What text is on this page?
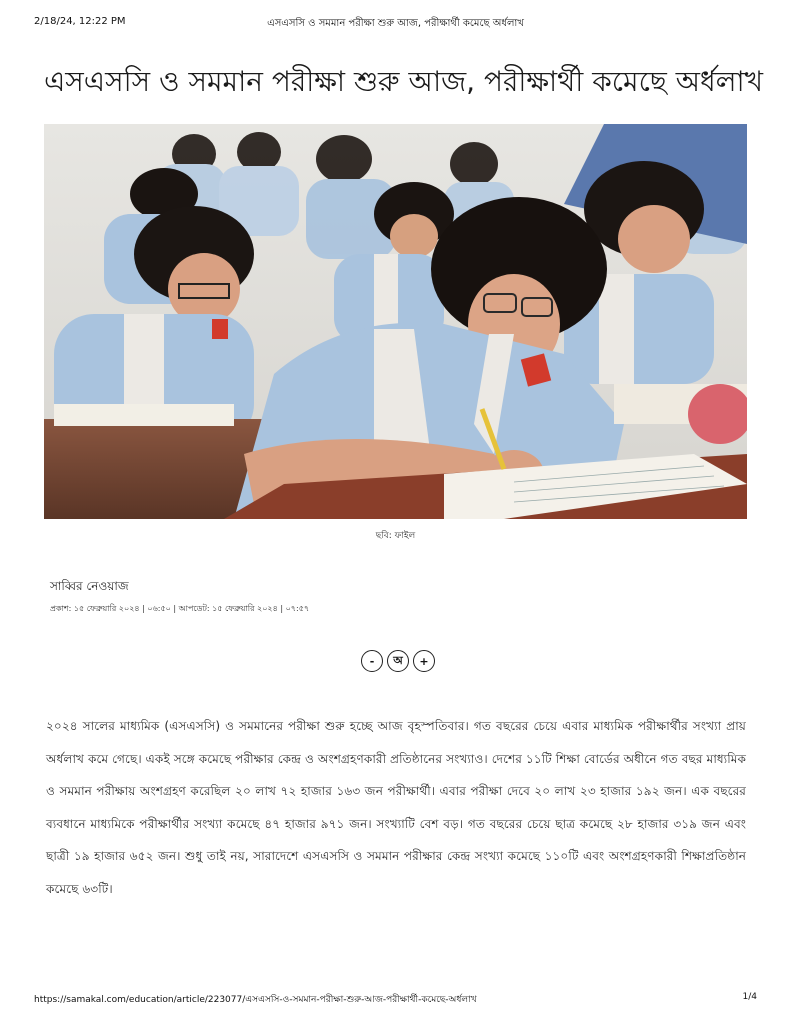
2/18/24, 12:22 PM	এসএসসি ও সমমান পরীক্ষা শুরু আজ, পরীক্ষার্থী কমেছে অর্ধলাখ
এসএসসি ও সমমান পরীক্ষা শুরু আজ, পরীক্ষার্থী কমেছে অর্ধলাখ
ছবি: ফাইল
সাব্বির নেওয়াজ
প্রকাশ: ১৫ ফেব্রুয়ারি ২০২৪ | ০৬:৫০ | আপডেট: ১৫ ফেব্রুয়ারি ২০২৪ | ০৭:৫৭
-	অ	+

২০২৪ সালের মাধ্যমিক (এসএসসি) ও সমমানের পরীক্ষা শুরু হচ্ছে আজ বৃহস্পতিবার। গত বছরের চেয়ে এবার মাধ্যমিক পরীক্ষার্থীর সংখ্যা প্রায় অর্ধলাখ কমে গেছে। একই সঙ্গে কমেছে পরীক্ষার কেন্দ্র ও অংশগ্রহণকারী প্রতিষ্ঠানের সংখ্যাও। দেশের ১১টি শিক্ষা বোর্ডের অধীনে গত বছর মাধ্যমিক ও সমমান পরীক্ষায় অংশগ্রহণ করেছিল ২০ লাখ ৭২ হাজার ১৬৩ জন পরীক্ষার্থী। এবার পরীক্ষা দেবে ২০ লাখ ২৩ হাজার ১৯২ জন। এক বছরের ব্যবধানে মাধ্যমিকে পরীক্ষার্থীর সংখ্যা কমেছে ৪৭ হাজার ৯৭১ জন। সংখ্যাটি বেশ বড়। গত বছরের চেয়ে ছাত্র কমেছে ২৮ হাজার ৩১৯ জন এবং ছাত্রী ১৯ হাজার ৬৫২ জন। শুধু তাই নয়, সারাদেশে এসএসসি ও সমমান পরীক্ষার কেন্দ্র সংখ্যা কমেছে ১১০টি এবং অংশগ্রহণকারী শিক্ষাপ্রতিষ্ঠান কমেছে ৬৩টি।

https://samakal.com/education/article/223077/এসএসসি-ও-সমমান-পরীক্ষা-শুরু-আজ-পরীক্ষার্থী-কমেছে-অর্ধলাখ	1/4
